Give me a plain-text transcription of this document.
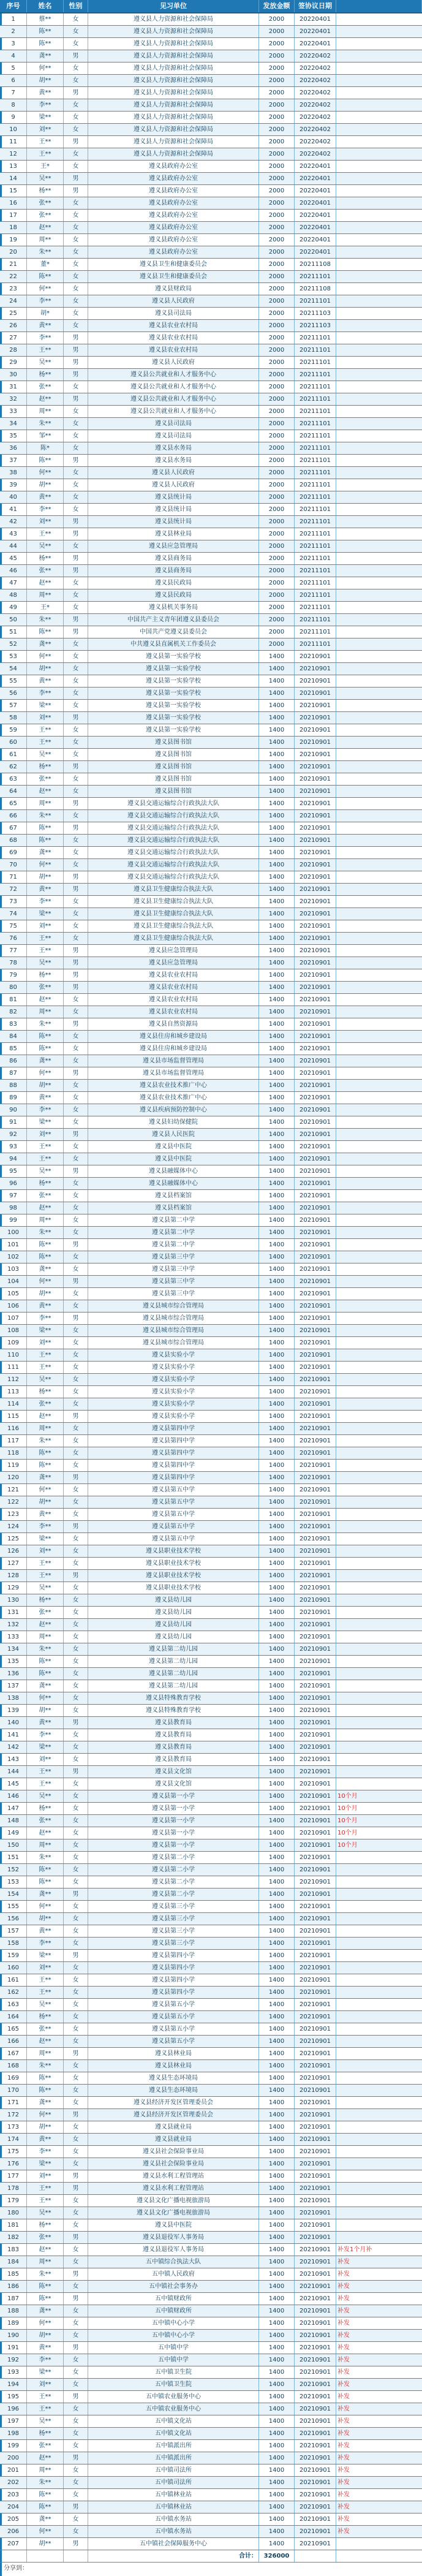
序号	姓名	性别	见习单位	发放金额	签协议日期
1	蔡**	女	遵义县人力资源和社会保障局	2000	20220401
2	陈**	女	遵义县人力资源和社会保障局	2000	20220401
3	陈**	女	遵义县人力资源和社会保障局	2000	20220401
4	龚**	男	遵义县人力资源和社会保障局	2000	20220402
5	何**	女	遵义县人力资源和社会保障局	2000	20220402
6	胡**	女	遵义县人力资源和社会保障局	2000	20220402
7	黄**	男	遵义县人力资源和社会保障局	2000	20220402
8	李**	女	遵义县人力资源和社会保障局	2000	20220402
9	梁**	女	遵义县人力资源和社会保障局	2000	20220402
10	刘**	女	遵义县人力资源和社会保障局	2000	20220402
11	王**	男	遵义县人力资源和社会保障局	2000	20220402
12	王**	女	遵义县人力资源和社会保障局	2000	20220402
13	王*	女	遵义县政府办公室	2000	20220401
14	吴**	男	遵义县政府办公室	2000	20220401
15	杨**	男	遵义县政府办公室	2000	20220401
16	张**	女	遵义县政府办公室	2000	20220401
17	张**	女	遵义县政府办公室	2000	20220401
18	赵**	女	遵义县政府办公室	2000	20220401
19	周**	女	遵义县政府办公室	2000	20220401
20	朱**	女	遵义县政府办公室	2000	20220401
21	董*	女	遵义县卫生和健康委员会	2000	20211108
22	陈**	女	遵义县卫生和健康委员会	2000	20211101
23	何**	女	遵义县财政局	2000	20211108
24	李**	女	遵义县人民政府	2000	20211101
25	胡*	女	遵义县司法局	2000	20211103
26	黄**	女	遵义县农业农村局	2000	20211103
27	李**	男	遵义县农业农村局	2000	20211101
28	王**	男	遵义县农业农村局	2000	20211101
29	吴**	男	遵义县人民政府	2000	20211101
30	杨**	男	遵义县公共就业和人才服务中心	2000	20211101
31	张**	女	遵义县公共就业和人才服务中心	2000	20211101
32	赵**	男	遵义县公共就业和人才服务中心	2000	20211101
33	周**	女	遵义县公共就业和人才服务中心	2000	20211101
34	朱**	女	遵义县司法局	2000	20211101
35	邹**	女	遵义县司法局	2000	20211101
36	陈*	女	遵义县水务局	2000	20211101
37	陈**	男	遵义县水务局	2000	20211101
38	何**	女	遵义县人民政府	2000	20211101
39	胡**	女	遵义县人民政府	2000	20211101
40	黄**	女	遵义县统计局	2000	20211101
41	李**	女	遵义县统计局	2000	20211101
42	刘**	男	遵义县统计局	2000	20211101
43	王**	男	遵义县林业局	2000	20211101
44	吴**	女	遵义县应急管理局	2000	20211101
45	杨**	男	遵义县商务局	2000	20211101
46	张**	男	遵义县商务局	2000	20211101
47	赵**	女	遵义县民政局	2000	20211101
48	周**	女	遵义县民政局	2000	20211101
49	王*	女	遵义县机关事务局	2000	20211101
50	朱**	男	中国共产主义青年团遵义县委员会	2000	20211101
51	陈**	男	中国共产党遵义县委员会	2000	20211101
52	龚**	女	中共遵义县直属机关工作委员会	2000	20211101
53	何**	女	遵义县第一实验学校	1400	20210901
54	胡**	女	遵义县第一实验学校	1400	20210901
55	黄**	女	遵义县第一实验学校	1400	20210901
56	李**	女	遵义县第一实验学校	1400	20210901
57	梁**	女	遵义县第一实验学校	1400	20210901
58	刘**	男	遵义县第一实验学校	1400	20210901
59	王**	女	遵义县第一实验学校	1400	20210901
60	王**	女	遵义县图书馆	1400	20210901
61	吴**	女	遵义县图书馆	1400	20210901
62	杨**	男	遵义县图书馆	1400	20210901
63	张**	女	遵义县图书馆	1400	20210901
64	赵**	女	遵义县图书馆	1400	20210901
65	周**	男	遵义县交通运输综合行政执法大队	1400	20210901
66	朱**	女	遵义县交通运输综合行政执法大队	1400	20210901
67	陈**	男	遵义县交通运输综合行政执法大队	1400	20210901
68	陈**	女	遵义县交通运输综合行政执法大队	1400	20210901
69	龚**	女	遵义县交通运输综合行政执法大队	1400	20210901
70	何**	女	遵义县交通运输综合行政执法大队	1400	20210901
71	胡**	男	遵义县交通运输综合行政执法大队	1400	20210901
72	黄**	男	遵义县卫生健康综合执法大队	1400	20210901
73	李**	女	遵义县卫生健康综合执法大队	1400	20210901
74	梁**	女	遵义县卫生健康综合执法大队	1400	20210901
75	刘**	女	遵义县卫生健康综合执法大队	1400	20210901
76	王**	女	遵义县卫生健康综合执法大队	1400	20210901
77	王**	男	遵义县应急管理局	1400	20210901
78	吴**	男	遵义县应急管理局	1400	20210901
79	杨**	男	遵义县农业农村局	1400	20210901
80	张**	男	遵义县农业农村局	1400	20210901
81	赵**	女	遵义县农业农村局	1400	20210901
82	周**	女	遵义县农业农村局	1400	20210901
83	朱**	男	遵义县自然资源局	1400	20210901
84	陈**	女	遵义县住房和城乡建设局	1400	20210901
85	陈**	女	遵义县住房和城乡建设局	1400	20210901
86	龚**	女	遵义县市场监督管理局	1400	20210901
87	何**	男	遵义县市场监督管理局	1400	20210901
88	胡**	女	遵义县农业技术推广中心	1400	20210901
89	黄**	女	遵义县农业技术推广中心	1400	20210901
90	李**	女	遵义县疾病预防控制中心	1400	20210901
91	梁**	女	遵义县妇幼保健院	1400	20210901
92	刘**	男	遵义县人民医院	1400	20210901
93	王**	女	遵义县中医院	1400	20210901
94	王**	女	遵义县中医院	1400	20210901
95	吴**	男	遵义县融媒体中心	1400	20210901
96	杨**	女	遵义县融媒体中心	1400	20210901
97	张**	女	遵义县档案馆	1400	20210901
98	赵**	女	遵义县档案馆	1400	20210901
99	周**	女	遵义县第二中学	1400	20210901
100	朱**	女	遵义县第二中学	1400	20210901
101	陈**	男	遵义县第二中学	1400	20210901
102	陈**	女	遵义县第三中学	1400	20210901
103	龚**	女	遵义县第三中学	1400	20210901
104	何**	男	遵义县第三中学	1400	20210901
105	胡**	女	遵义县第三中学	1400	20210901
106	黄**	女	遵义县城市综合管理局	1400	20210901
107	李**	男	遵义县城市综合管理局	1400	20210901
108	梁**	女	遵义县城市综合管理局	1400	20210901
109	刘**	女	遵义县城市综合管理局	1400	20210901
110	王**	女	遵义县实验小学	1400	20210901
111	王**	女	遵义县实验小学	1400	20210901
112	吴**	女	遵义县实验小学	1400	20210901
113	杨**	女	遵义县实验小学	1400	20210901
114	张**	女	遵义县实验小学	1400	20210901
115	赵**	男	遵义县实验小学	1400	20210901
116	周**	女	遵义县第四中学	1400	20210901
117	朱**	女	遵义县第四中学	1400	20210901
118	陈**	女	遵义县第四中学	1400	20210901
119	陈**	女	遵义县第四中学	1400	20210901
120	龚**	男	遵义县第四中学	1400	20210901
121	何**	女	遵义县第五中学	1400	20210901
122	胡**	女	遵义县第五中学	1400	20210901
123	黄**	女	遵义县第五中学	1400	20210901
124	李**	男	遵义县第五中学	1400	20210901
125	梁**	女	遵义县第五中学	1400	20210901
126	刘**	女	遵义县职业技术学校	1400	20210901
127	王**	女	遵义县职业技术学校	1400	20210901
128	王**	男	遵义县职业技术学校	1400	20210901
129	吴**	女	遵义县职业技术学校	1400	20210901
130	杨**	女	遵义县幼儿园	1400	20210901
131	张**	女	遵义县幼儿园	1400	20210901
132	赵**	女	遵义县幼儿园	1400	20210901
133	周**	女	遵义县幼儿园	1400	20210901
134	朱**	女	遵义县第二幼儿园	1400	20210901
135	陈**	女	遵义县第二幼儿园	1400	20210901
136	陈**	女	遵义县第二幼儿园	1400	20210901
137	龚**	女	遵义县第二幼儿园	1400	20210901
138	何**	女	遵义县特殊教育学校	1400	20210901
139	胡**	女	遵义县特殊教育学校	1400	20210901
140	黄**	男	遵义县教育局	1400	20210901
141	李**	女	遵义县教育局	1400	20210901
142	梁**	女	遵义县教育局	1400	20210901
143	刘**	女	遵义县教育局	1400	20210901
144	王**	男	遵义县文化馆	1400	20210901
145	王**	女	遵义县文化馆	1400	20210901
146	吴**	女	遵义县第一小学	1400	20210901	10个月
147	杨**	女	遵义县第一小学	1400	20210901	10个月
148	张**	女	遵义县第一小学	1400	20210901	10个月
149	赵**	女	遵义县第一小学	1400	20210901	10个月
150	周**	女	遵义县第一小学	1400	20210901	10个月
151	朱**	女	遵义县第二小学	1400	20210901
152	陈**	女	遵义县第二小学	1400	20210901
153	陈**	女	遵义县第二小学	1400	20210901
154	龚**	男	遵义县第二小学	1400	20210901
155	何**	女	遵义县第三小学	1400	20210901
156	胡**	女	遵义县第三小学	1400	20210901
157	黄**	女	遵义县第三小学	1400	20210901
158	李**	女	遵义县第三小学	1400	20210901
159	梁**	男	遵义县第四小学	1400	20210901
160	刘**	女	遵义县第四小学	1400	20210901
161	王**	女	遵义县第四小学	1400	20210901
162	王**	女	遵义县第四小学	1400	20210901
163	吴**	女	遵义县第五小学	1400	20210901
164	杨**	女	遵义县第五小学	1400	20210901
165	张**	女	遵义县第五小学	1400	20210901
166	赵**	女	遵义县第五小学	1400	20210901
167	周**	男	遵义县林业局	1400	20210901
168	朱**	女	遵义县林业局	1400	20210901
169	陈**	女	遵义县生态环境局	1400	20210901
170	陈**	女	遵义县生态环境局	1400	20210901
171	龚**	女	遵义县经济开发区管理委员会	1400	20210901
172	何**	男	遵义县经济开发区管理委员会	1400	20210901
173	胡**	女	遵义县就业局	1400	20210901
174	黄**	女	遵义县就业局	1400	20210901
175	李**	女	遵义县社会保险事业局	1400	20210901
176	梁**	女	遵义县社会保险事业局	1400	20210901
177	刘**	男	遵义县水利工程管理站	1400	20210901
178	王**	男	遵义县水利工程管理站	1400	20210901
179	王**	女	遵义县文化广播电视旅游局	1400	20210901
180	吴**	女	遵义县文化广播电视旅游局	1400	20210901
181	杨**	女	遵义县中医院	1400	20210901
182	张**	男	遵义县退役军人事务局	1400	20210901
183	赵**	女	遵义县退役军人事务局	1400	20210901	补发1个月补
184	周**	女	五中镇综合执法大队	1400	20210901	补发
185	朱**	男	五中镇人民政府	1400	20210901	补发
186	陈**	女	五中镇社会事务办	1400	20210901	补发
187	陈**	男	五中镇财政所	1400	20210901	补发
188	龚**	女	五中镇财政所	1400	20210901	补发
189	何**	女	五中镇中心小学	1400	20210901	补发
190	胡**	女	五中镇中心小学	1400	20210901	补发
191	黄**	男	五中镇中学	1400	20210901	补发
192	李**	女	五中镇中学	1400	20210901	补发
193	梁**	女	五中镇卫生院	1400	20210901	补发
194	刘**	女	五中镇卫生院	1400	20210901	补发
195	王**	男	五中镇农业服务中心	1400	20210901	补发
196	王**	女	五中镇农业服务中心	1400	20210901	补发
197	吴**	女	五中镇文化站	1400	20210901	补发
198	杨**	女	五中镇文化站	1400	20210901	补发
199	张**	女	五中镇派出所	1400	20210901	补发
200	赵**	男	五中镇派出所	1400	20210901	补发
201	周**	女	五中镇司法所	1400	20210901	补发
202	朱**	女	五中镇司法所	1400	20210901	补发
203	陈**	女	五中镇林业站	1400	20210901	补发
204	陈**	男	五中镇林业站	1400	20210901	补发
205	龚**	女	五中镇水务站	1400	20210901	补发
206	何**	女	五中镇水务站	1400	20210901	补发
207	胡**	男	五中镇社会保障服务中心	1400	20210901
合计：	326000
分享到：
